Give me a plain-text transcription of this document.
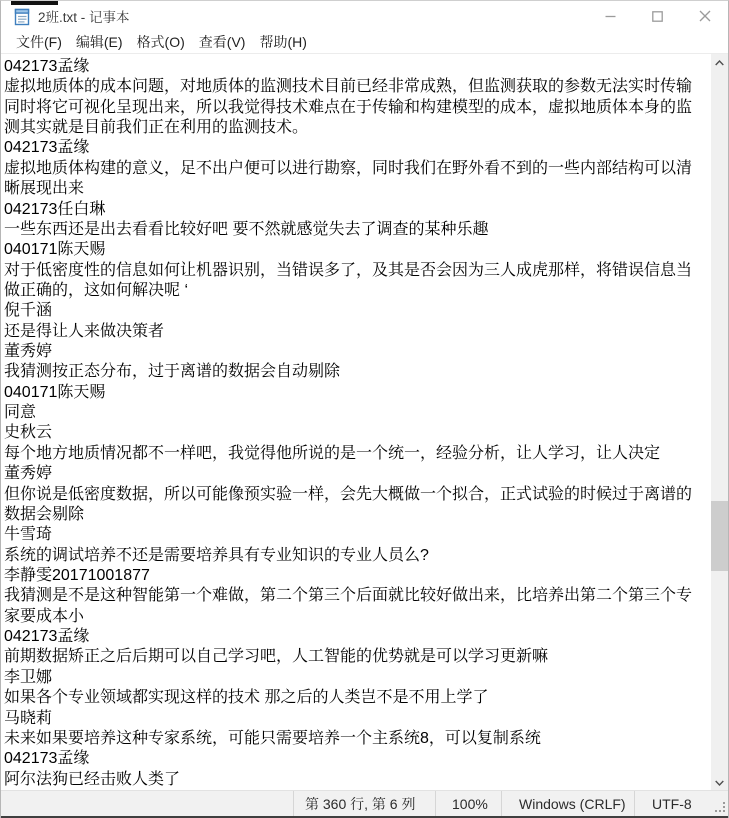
2班.txt - 记事本
文件(F)	编辑(E)	格式(O)	查看(V)	帮助(H)
042173孟缘
虚拟地质体的成本问题，对地质体的监测技术目前已经非常成熟，但监测获取的参数无法实时传输
同时将它可视化呈现出来，所以我觉得技术难点在于传输和构建模型的成本，虚拟地质体本身的监
测其实就是目前我们正在利用的监测技术。
042173孟缘
虚拟地质体构建的意义，足不出户便可以进行勘察，同时我们在野外看不到的一些内部结构可以清
晰展现出来
042173任白琳
一些东西还是出去看看比较好吧 要不然就感觉失去了调查的某种乐趣
040171陈天赐
对于低密度性的信息如何让机器识别，当错误多了，及其是否会因为三人成虎那样，将错误信息当
做正确的，这如何解决呢 ‘
倪千涵
还是得让人来做决策者
董秀婷
我猜测按正态分布，过于离谱的数据会自动剔除
040171陈天赐
同意
史秋云
每个地方地质情况都不一样吧，我觉得他所说的是一个统一，经验分析，让人学习，让人决定
董秀婷
但你说是低密度数据，所以可能像预实验一样，会先大概做一个拟合，正式试验的时候过于离谱的
数据会剔除
牛雪琦
系统的调试培养不还是需要培养具有专业知识的专业人员么?
李静雯20171001877
我猜测是不是这种智能第一个难做，第二个第三个后面就比较好做出来，比培养出第二个第三个专
家要成本小
042173孟缘
前期数据矫正之后后期可以自己学习吧，人工智能的优势就是可以学习更新嘛
李卫娜
如果各个专业领域都实现这样的技术 那之后的人类岂不是不用上学了
马晓莉
未来如果要培养这种专家系统，可能只需要培养一个主系统8，可以复制系统
042173孟缘
阿尔法狗已经击败人类了
第 360 行, 第 6 列	100%	Windows (CRLF)	UTF-8
